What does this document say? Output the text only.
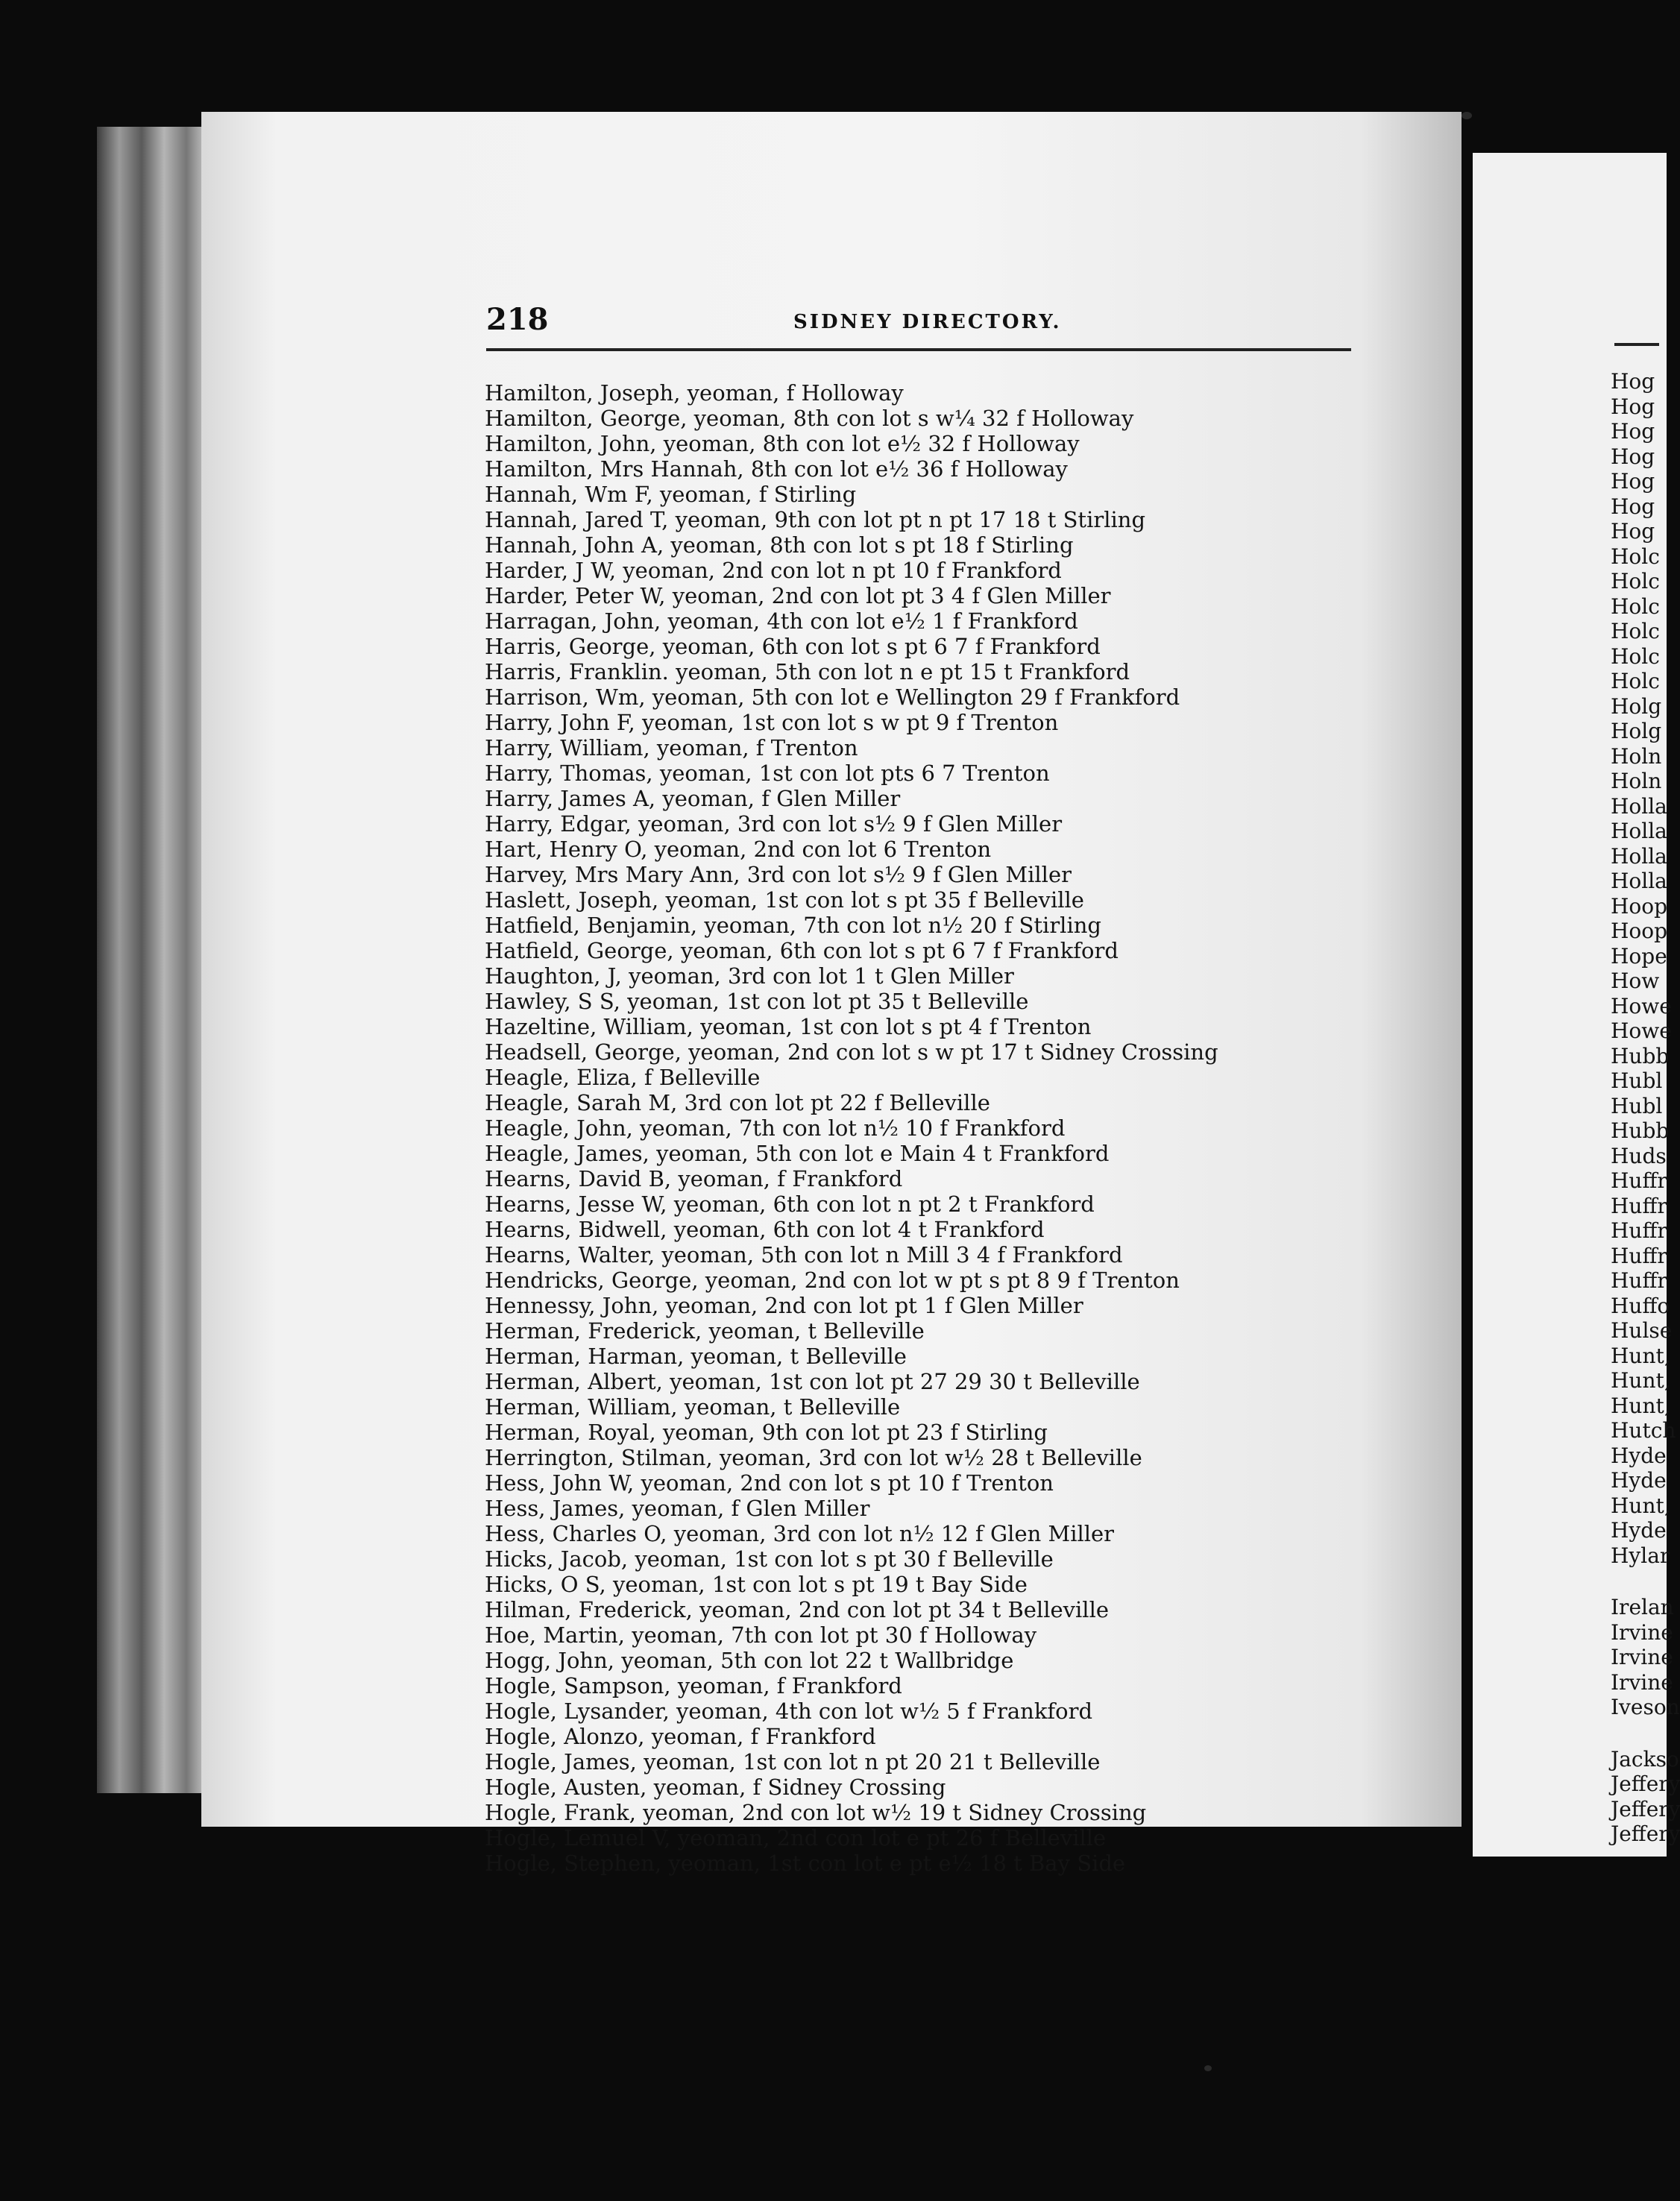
218	SIDNEY DIRECTORY.
Hamilton, Joseph, yeoman, f Holloway
Hamilton, George, yeoman, 8th con lot s w¼ 32 f Holloway
Hamilton, John, yeoman, 8th con lot e½ 32 f Holloway
Hamilton, Mrs Hannah, 8th con lot e½ 36 f Holloway
Hannah, Wm F, yeoman, f Stirling
Hannah, Jared T, yeoman, 9th con lot pt n pt 17 18 t Stirling
Hannah, John A, yeoman, 8th con lot s pt 18 f Stirling
Harder, J W, yeoman, 2nd con lot n pt 10 f Frankford
Harder, Peter W, yeoman, 2nd con lot pt 3 4 f Glen Miller
Harragan, John, yeoman, 4th con lot e½ 1 f Frankford
Harris, George, yeoman, 6th con lot s pt 6 7 f Frankford
Harris, Franklin. yeoman, 5th con lot n e pt 15 t Frankford
Harrison, Wm, yeoman, 5th con lot e Wellington 29 f Frankford
Harry, John F, yeoman, 1st con lot s w pt 9 f Trenton
Harry, William, yeoman, f Trenton
Harry, Thomas, yeoman, 1st con lot pts 6 7 Trenton
Harry, James A, yeoman, f Glen Miller
Harry, Edgar, yeoman, 3rd con lot s½ 9 f Glen Miller
Hart, Henry O, yeoman, 2nd con lot 6 Trenton
Harvey, Mrs Mary Ann, 3rd con lot s½ 9 f Glen Miller
Haslett, Joseph, yeoman, 1st con lot s pt 35 f Belleville
Hatfield, Benjamin, yeoman, 7th con lot n½ 20 f Stirling
Hatfield, George, yeoman, 6th con lot s pt 6 7 f Frankford
Haughton, J, yeoman, 3rd con lot 1 t Glen Miller
Hawley, S S, yeoman, 1st con lot pt 35 t Belleville
Hazeltine, William, yeoman, 1st con lot s pt 4 f Trenton
Headsell, George, yeoman, 2nd con lot s w pt 17 t Sidney Crossing
Heagle, Eliza, f Belleville
Heagle, Sarah M, 3rd con lot pt 22 f Belleville
Heagle, John, yeoman, 7th con lot n½ 10 f Frankford
Heagle, James, yeoman, 5th con lot e Main 4 t Frankford
Hearns, David B, yeoman, f Frankford
Hearns, Jesse W, yeoman, 6th con lot n pt 2 t Frankford
Hearns, Bidwell, yeoman, 6th con lot 4 t Frankford
Hearns, Walter, yeoman, 5th con lot n Mill 3 4 f Frankford
Hendricks, George, yeoman, 2nd con lot w pt s pt 8 9 f Trenton
Hennessy, John, yeoman, 2nd con lot pt 1 f Glen Miller
Herman, Frederick, yeoman, t Belleville
Herman, Harman, yeoman, t Belleville
Herman, Albert, yeoman, 1st con lot pt 27 29 30 t Belleville
Herman, William, yeoman, t Belleville
Herman, Royal, yeoman, 9th con lot pt 23 f Stirling
Herrington, Stilman, yeoman, 3rd con lot w½ 28 t Belleville
Hess, John W, yeoman, 2nd con lot s pt 10 f Trenton
Hess, James, yeoman, f Glen Miller
Hess, Charles O, yeoman, 3rd con lot n½ 12 f Glen Miller
Hicks, Jacob, yeoman, 1st con lot s pt 30 f Belleville
Hicks, O S, yeoman, 1st con lot s pt 19 t Bay Side
Hilman, Frederick, yeoman, 2nd con lot pt 34 t Belleville
Hoe, Martin, yeoman, 7th con lot pt 30 f Holloway
Hogg, John, yeoman, 5th con lot 22 t Wallbridge
Hogle, Sampson, yeoman, f Frankford
Hogle, Lysander, yeoman, 4th con lot w½ 5 f Frankford
Hogle, Alonzo, yeoman, f Frankford
Hogle, James, yeoman, 1st con lot n pt 20 21 t Belleville
Hogle, Austen, yeoman, f Sidney Crossing
Hogle, Frank, yeoman, 2nd con lot w½ 19 t Sidney Crossing
Hogle, Lemuel V, yeoman, 2nd con lot e pt 26 f Belleville
Hogle, Stephen, yeoman, 1st con lot e pt e½ 18 t Bay Side
Hog
Hog
Hog
Hog
Hog
Hog
Hog
Holc
Holc
Holc
Holc
Holc
Holc
Holg
Holg
Holn
Holn
Holla
Holla
Holla
Holla
Hoop
Hoop
Hope
How
Howe
Howe
Hubb
Hubl
Hubl
Hubb
Huds
Huffr
Huffr
Huffr
Huffr
Huffr
Huffo
Hulse
Hunt,
Hunt,
Hunt,
Hutch
Hyde
Hyde
Hunt,
Hyde
Hylar
Irelan
Irvine
Irvine
Irvine
Iveson
Jackso
Jeffery
Jeffery
Jeffery
